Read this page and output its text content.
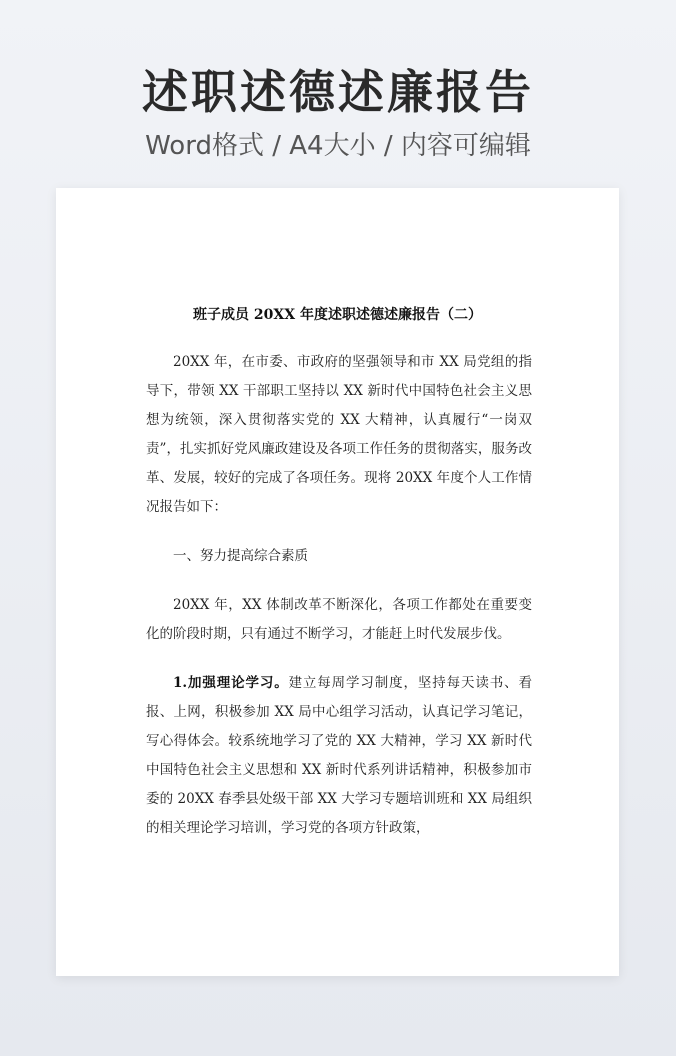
述职述德述廉报告
Word格式 / A4大小 / 内容可编辑
班子成员 20XX 年度述职述德述廉报告（二）

20XX 年，在市委、市政府的坚强领导和市 XX 局党组的指导下，带领 XX 干部职工坚持以 XX 新时代中国特色社会主义思想为统领，深入贯彻落实党的 XX 大精神，认真履行“一岗双责”，扎实抓好党风廉政建设及各项工作任务的贯彻落实，服务改革、发展，较好的完成了各项任务。现将 20XX 年度个人工作情况报告如下：

一、努力提高综合素质

20XX 年，XX 体制改革不断深化，各项工作都处在重要变化的阶段时期，只有通过不断学习，才能赶上时代发展步伐。

1.加强理论学习。建立每周学习制度，坚持每天读书、看报、上网，积极参加 XX 局中心组学习活动，认真记学习笔记，写心得体会。较系统地学习了党的 XX 大精神，学习 XX 新时代中国特色社会主义思想和 XX 新时代系列讲话精神，积极参加市委的 20XX 春季县处级干部 XX 大学习专题培训班和 XX 局组织的相关理论学习培训，学习党的各项方针政策，
